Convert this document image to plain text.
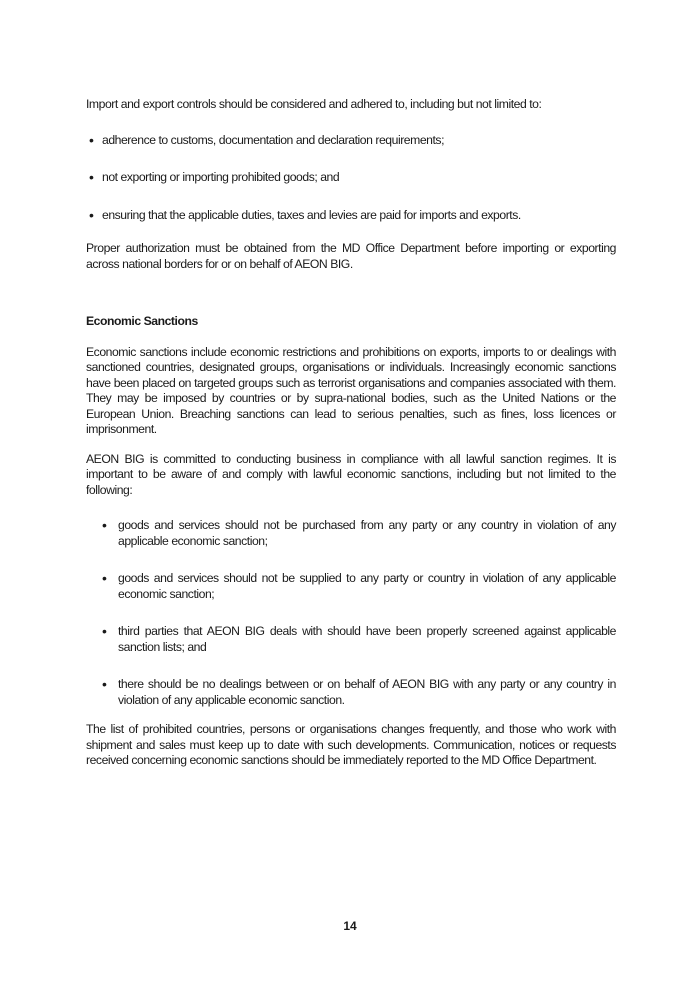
Import and export controls should be considered and adhered to, including but not limited to:

• adherence to customs, documentation and declaration requirements;
• not exporting or importing prohibited goods; and
• ensuring that the applicable duties, taxes and levies are paid for imports and exports.

Proper authorization must be obtained from the MD Office Department before importing or exporting across national borders for or on behalf of AEON BIG.

Economic Sanctions

Economic sanctions include economic restrictions and prohibitions on exports, imports to or dealings with sanctioned countries, designated groups, organisations or individuals. Increasingly economic sanctions have been placed on targeted groups such as terrorist organisations and companies associated with them. They may be imposed by countries or by supra-national bodies, such as the United Nations or the European Union. Breaching sanctions can lead to serious penalties, such as fines, loss licences or imprisonment.

AEON BIG is committed to conducting business in compliance with all lawful sanction regimes. It is important to be aware of and comply with lawful economic sanctions, including but not limited to the following:

• goods and services should not be purchased from any party or any country in violation of any applicable economic sanction;
• goods and services should not be supplied to any party or country in violation of any applicable economic sanction;
• third parties that AEON BIG deals with should have been properly screened against applicable sanction lists; and
• there should be no dealings between or on behalf of AEON BIG with any party or any country in violation of any applicable economic sanction.

The list of prohibited countries, persons or organisations changes frequently, and those who work with shipment and sales must keep up to date with such developments. Communication, notices or requests received concerning economic sanctions should be immediately reported to the MD Office Department.

14
